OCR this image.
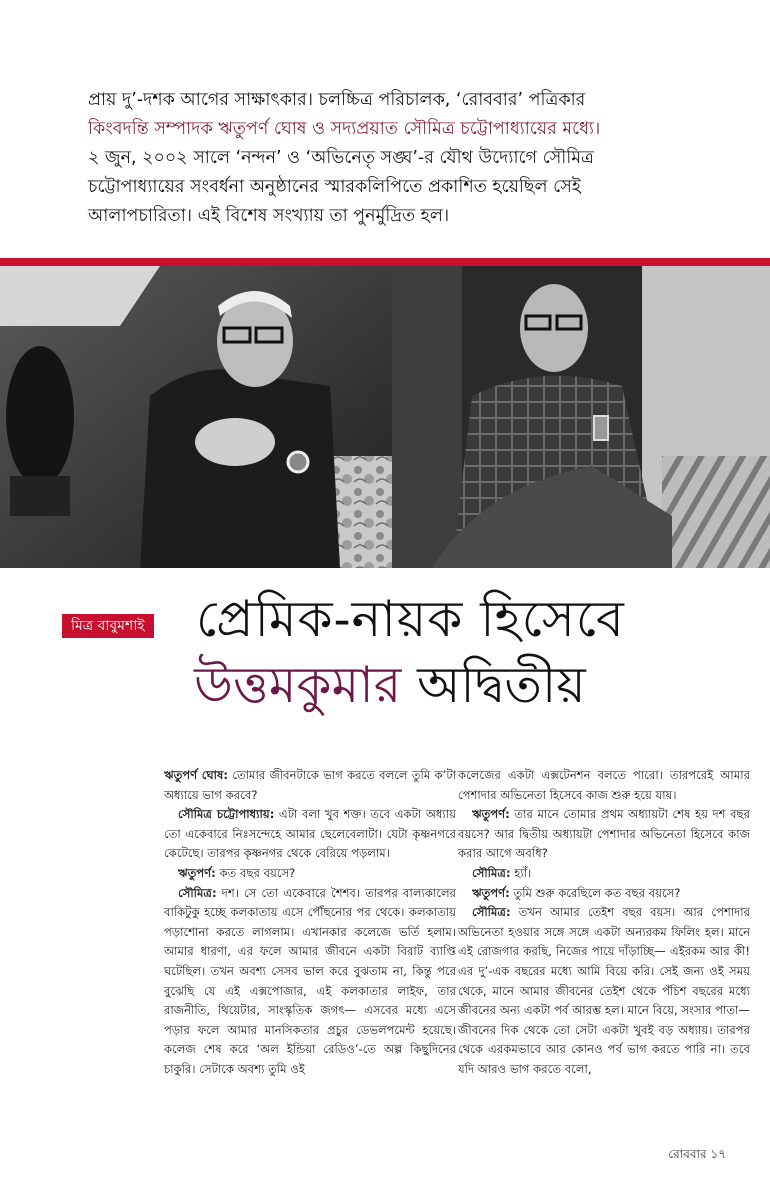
প্রায় দু’-দশক আগের সাক্ষাৎকার। চলচ্চিত্র পরিচালক, ‘রোববার’ পত্রিকার
কিংবদন্তি সম্পাদক ঋতুপর্ণ ঘোষ ও সদ্যপ্রয়াত সৌমিত্র চট্টোপাধ্যায়ের মধ্যে।
২ জুন, ২০০২ সালে ‘নন্দন’ ও ‘অভিনেতৃ সঙ্ঘ’-র যৌথ উদ্যোগে সৌমিত্র
চট্টোপাধ্যায়ের সংবর্ধনা অনুষ্ঠানের স্মারকলিপিতে প্রকাশিত হয়েছিল সেই
আলাপচারিতা। এই বিশেষ সংখ্যায় তা পুনর্মুদ্রিত হল।
মিত্র বাবুমশাই প্রেমিক-নায়ক হিসেবে
উত্তমকুমার অদ্বিতীয়

ঋতুপর্ণ ঘোষ: তোমার জীবনটাকে ভাগ করতে বললে তুমি ক’টা অধ্যায়ে ভাগ করবে?

সৌমিত্র চট্টোপাধ্যায়: এটা বলা খুব শক্ত। তবে একটা অধ্যায় তো একেবারে নিঃসন্দেহে আমার ছেলেবেলাটা। যেটা কৃষ্ণনগরে কেটেছে। তারপর কৃষ্ণনগর থেকে বেরিয়ে পড়লাম।

ঋতুপর্ণ: কত বছর বয়সে?

সৌমিত্র: দশ। সে তো একেবারে শৈশব। তারপর বাল্যকালের বাকিটুকু হচ্ছে কলকাতায় এসে পৌঁছনোর পর থেকে। কলকাতায় পড়াশোনা করতে লাগলাম। এখানকার কলেজে ভর্তি হলাম। আমার ধারণা, এর ফলে আমার জীবনে একটা বিরাট ব্যাপ্তি ঘটেছিল। তখন অবশ্য সেসব ভাল করে বুঝতাম না, কিন্তু পরে বুঝেছি যে এই এক্সপোজার, এই কলকাতার লাইফ, তার রাজনীতি, থিয়েটার, সাংস্কৃতিক জগৎ— এসবের মধ্যে এসে পড়ার ফলে আমার মানসিকতার প্রচুর ডেভলপমেন্ট হয়েছে। কলেজ শেষ করে ‘অল ইন্ডিয়া রেডিও’-তে অল্প কিছুদিনের চাকুরি। সেটাকে অবশ্য তুমি ওই

কলেজের একটা এক্সটেনশন বলতে পারো। তারপরেই আমার পেশাদার অভিনেতা হিসেবে কাজ শুরু হয়ে যায়।

ঋতুপর্ণ: তার মানে তোমার প্রথম অধ্যায়টা শেষ হয় দশ বছর বয়সে? আর দ্বিতীয় অধ্যায়টা পেশাদার অভিনেতা হিসেবে কাজ করার আগে অবধি?

সৌমিত্র: হ্যাঁ।

ঋতুপর্ণ: তুমি শুরু করেছিলে কত বছর বয়সে?

সৌমিত্র: তখন আমার তেইশ বছর বয়স। আর পেশাদার অভিনেতা হওয়ার সঙ্গে সঙ্গে একটা অন্যরকম ফিলিং হল। মানে এই রোজগার করছি, নিজের পায়ে দাঁড়াচ্ছি— এইরকম আর কী! এর দু’-এক বছরের মধ্যে আমি বিয়ে করি। সেই জন্য ওই সময় থেকে, মানে আমার জীবনের তেইশ থেকে পঁচিশ বছরের মধ্যে জীবনের অন্য একটা পর্ব আরম্ভ হল। মানে বিয়ে, সংসার পাতা— জীবনের দিক থেকে তো সেটা একটা খুবই বড় অধ্যায়। তারপর থেকে এরকমভাবে আর কোনও পর্ব ভাগ করতে পারি না। তবে যদি আরও ভাগ করতে বলো,

রোববার ১৭
